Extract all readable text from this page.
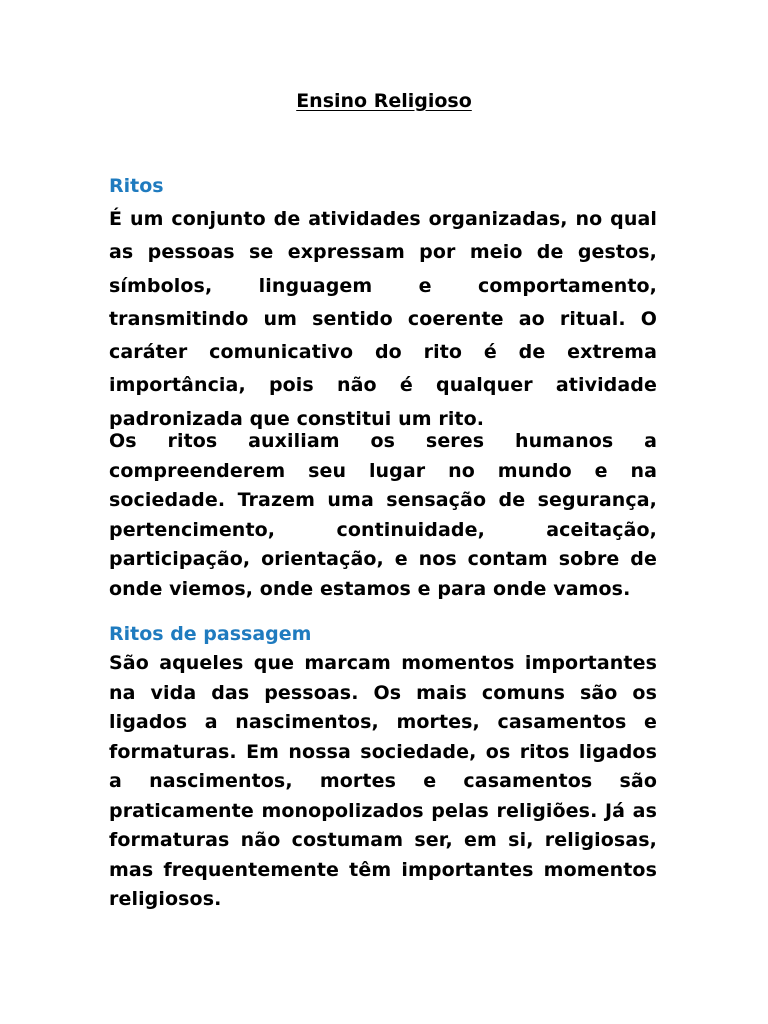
Ensino Religioso
Ritos

É um conjunto de atividades organizadas, no qual as pessoas se expressam por meio de gestos, símbolos, linguagem e comportamento, transmitindo um sentido coerente ao ritual. O caráter comunicativo do rito é de extrema importância, pois não é qualquer atividade padronizada que constitui um rito.

Os ritos auxiliam os seres humanos a compreenderem seu lugar no mundo e na sociedade. Trazem uma sensação de segurança, pertencimento, continuidade, aceitação, participação, orientação, e nos contam sobre de onde viemos, onde estamos e para onde vamos.

Ritos de passagem

São aqueles que marcam momentos importantes na vida das pessoas. Os mais comuns são os ligados a nascimentos, mortes, casamentos e formaturas. Em nossa sociedade, os ritos ligados a nascimentos, mortes e casamentos são praticamente monopolizados pelas religiões. Já as formaturas não costumam ser, em si, religiosas, mas frequentemente têm importantes momentos religiosos.
